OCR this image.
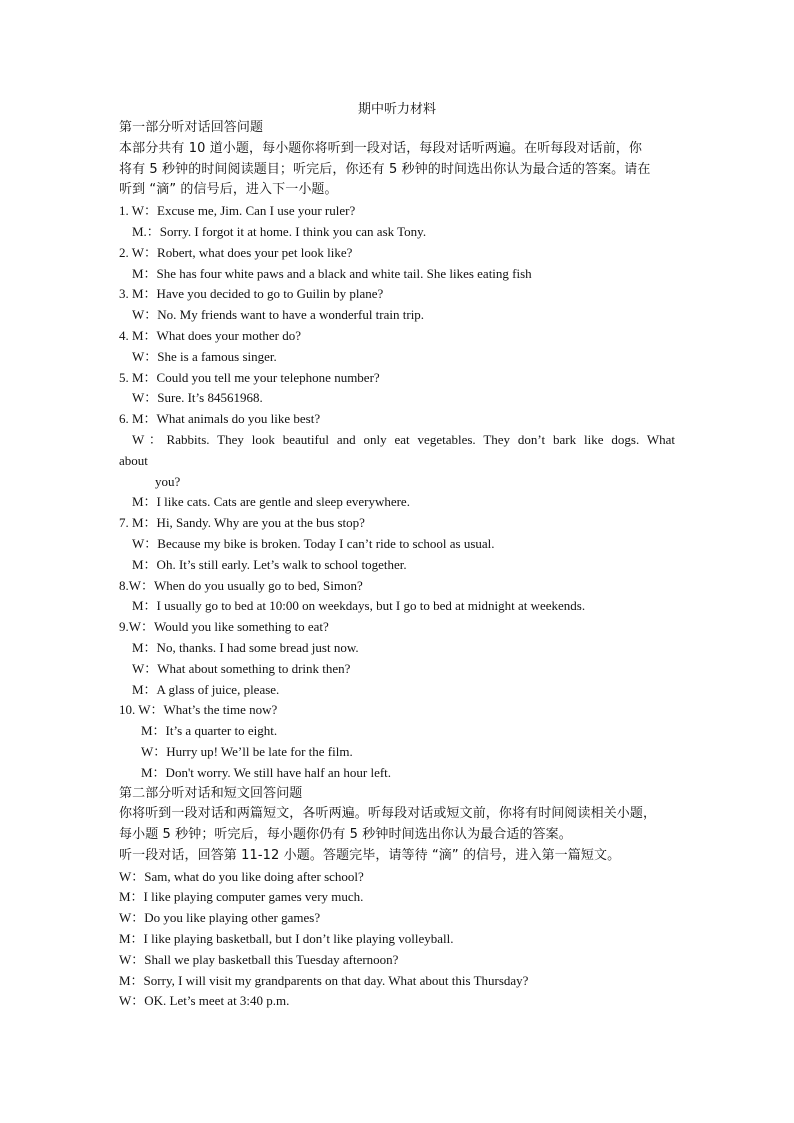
期中听力材料
第一部分听对话回答问题
本部分共有 10 道小题，每小题你将听到一段对话，每段对话听两遍。在听每段对话前，你
将有 5 秒钟的时间阅读题目；听完后，你还有 5 秒钟的时间选出你认为最合适的答案。请在
听到 “滴” 的信号后，进入下一小题。
1. W：Excuse me, Jim. Can I use your ruler?
M.：Sorry. I forgot it at home. I think you can ask Tony.
2. W：Robert, what does your pet look like?
M：She has four white paws and a black and white tail. She likes eating fish
3. M：Have you decided to go to Guilin by plane?
W：No. My friends want to have a wonderful train trip.
4. M：What does your mother do?
W：She is a famous singer.
5. M：Could you tell me your telephone number?
W：Sure. It’s 84561968.
6. M：What animals do you like best?
W：Rabbits. They look beautiful and only eat vegetables. They don’t bark like dogs. What
about
you?
M：I like cats. Cats are gentle and sleep everywhere.
7. M：Hi, Sandy. Why are you at the bus stop?
W：Because my bike is broken. Today I can’t ride to school as usual.
M：Oh. It’s still early. Let’s walk to school together.
8.W：When do you usually go to bed, Simon?
M：I usually go to bed at 10:00 on weekdays, but I go to bed at midnight at weekends.
9.W：Would you like something to eat?
M：No, thanks. I had some bread just now.
W：What about something to drink then?
M：A glass of juice, please.
10. W：What’s the time now?
M：It’s a quarter to eight.
W：Hurry up! We’ll be late for the film.
M：Don't worry. We still have half an hour left.
第二部分听对话和短文回答问题
你将听到一段对话和两篇短文，各听两遍。听每段对话或短文前，你将有时间阅读相关小题，
每小题 5 秒钟；听完后，每小题你仍有 5 秒钟时间选出你认为最合适的答案。
听一段对话，回答第 11-12 小题。答题完毕，请等待 “滴” 的信号，进入第一篇短文。
W：Sam, what do you like doing after school?
M：I like playing computer games very much.
W：Do you like playing other games?
M：I like playing basketball, but I don’t like playing volleyball.
W：Shall we play basketball this Tuesday afternoon?
M：Sorry, I will visit my grandparents on that day. What about this Thursday?
W：OK. Let’s meet at 3:40 p.m.
